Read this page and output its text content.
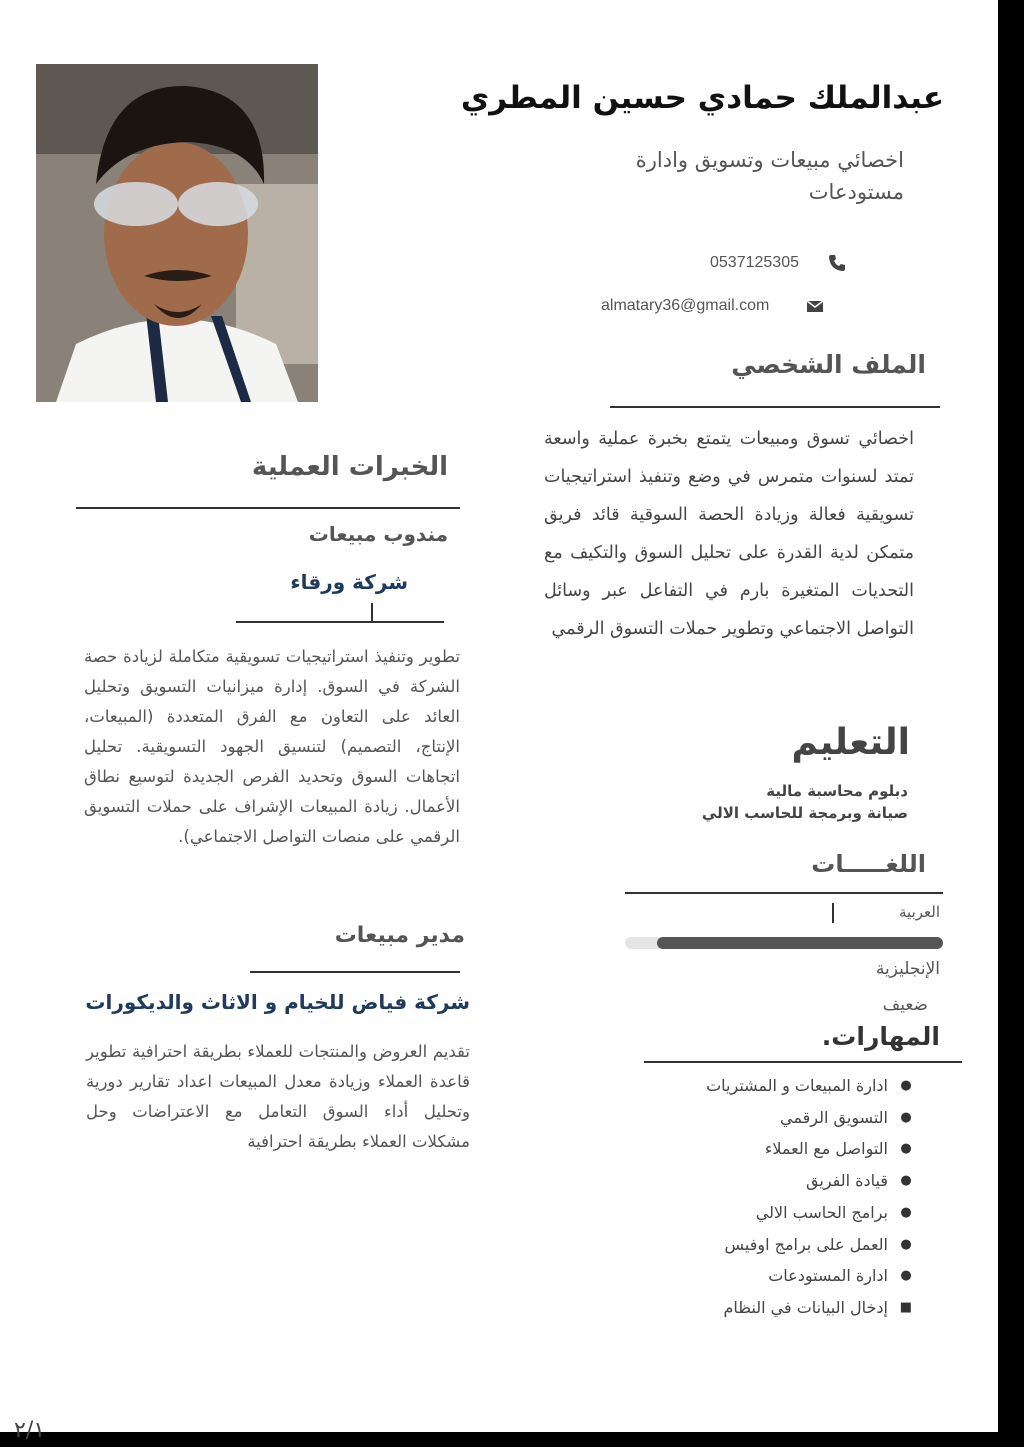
عبدالملك حمادي حسين المطري
اخصائي مبيعات وتسويق وادارة مستودعات
0537125305
almatary36@gmail.com
الملف الشخصي
اخصائي تسوق ومبيعات يتمتع بخبرة عملية واسعة تمتد لسنوات متمرس في وضع وتنفيذ استراتيجيات تسويقية فعالة وزيادة الحصة السوقية قائد فريق متمكن لدية القدرة على تحليل السوق والتكيف مع التحديات المتغيرة بارم في التفاعل عبر وسائل التواصل الاجتماعي وتطوير حملات التسوق الرقمي
التعليم
دبلوم محاسبة مالية
صيانة وبرمجة للحاسب الالي
اللغـــــات
العربية
الإنجليزية
ضعيف
المهارات.
●
ادارة المبيعات و المشتريات
●
التسويق الرقمي
●
التواصل مع العملاء
●
قيادة الفريق
●
برامج الحاسب الالي
●
العمل على برامج اوفيس
●
ادارة المستودعات
■
إدخال البيانات في النظام
الخبرات العملية
مندوب مبيعات
شركة ورقاء
تطوير وتنفيذ استراتيجيات تسويقية متكاملة لزيادة حصة الشركة في السوق. إدارة ميزانيات التسويق وتحليل العائد على التعاون مع الفرق المتعددة (المبيعات، الإنتاج، التصميم) لتنسيق الجهود التسويقية. تحليل اتجاهات السوق وتحديد الفرص الجديدة لتوسيع نطاق الأعمال. زيادة المبيعات الإشراف على حملات التسويق الرقمي على منصات التواصل الاجتماعي).
مدير مبيعات
شركة فياض للخيام و الاثاث والديكورات
تقديم العروض والمنتجات للعملاء بطريقة احترافية تطوير قاعدة العملاء وزيادة معدل المبيعات اعداد تقارير دورية وتحليل أداء السوق التعامل مع الاعتراضات وحل مشكلات العملاء بطريقة احترافية
٢/١
